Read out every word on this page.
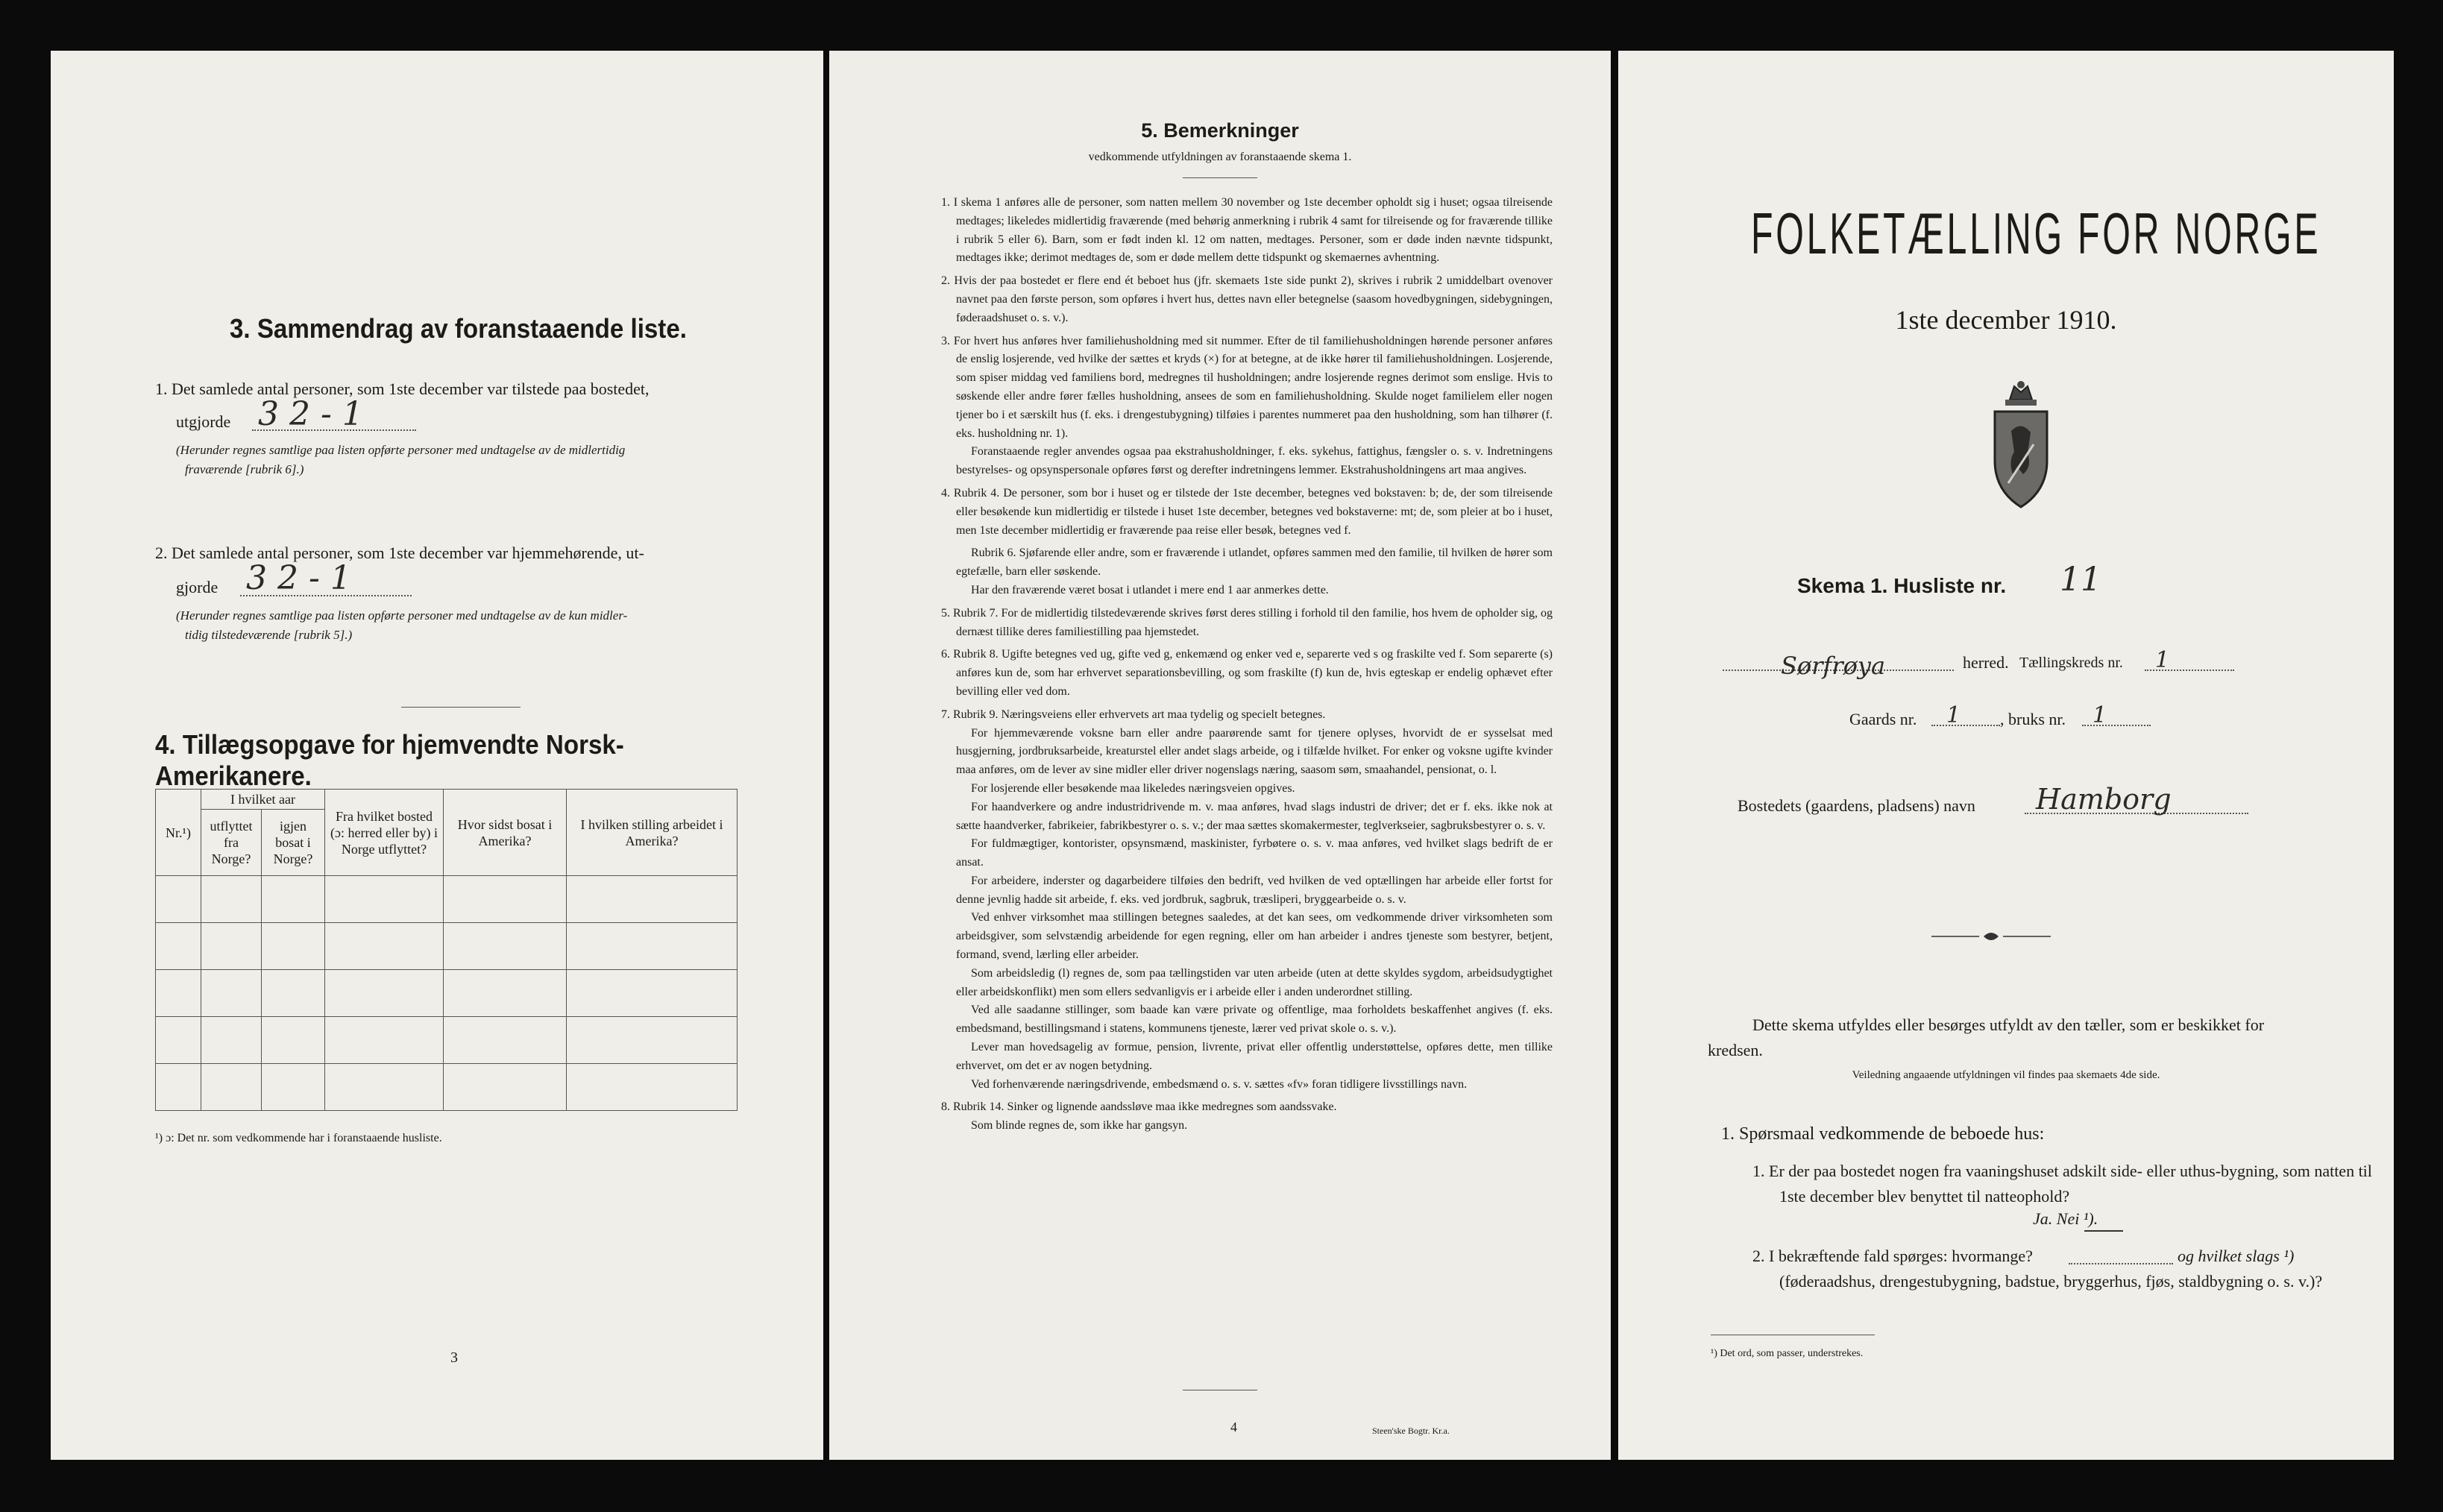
3. Sammendrag av foranstaaende liste.
1. Det samlede antal personer, som 1ste december var tilstede paa bostedet,
utgjorde 3 2 - 1
(Herunder regnes samtlige paa listen opførte personer med undtagelse av de midlertidig
fraværende [rubrik 6].)
2. Det samlede antal personer, som 1ste december var hjemmehørende, ut-
gjorde 3 2 - 1
(Herunder regnes samtlige paa listen opførte personer med undtagelse av de kun midler-
tidig tilstedeværende [rubrik 5].)
4. Tillægsopgave for hjemvendte Norsk-Amerikanere.
Nr.¹)	I hvilket aar		Fra hvilket bosted (ɔ: herred eller by) i Norge utflyttet?	Hvor sidst bosat i Amerika?	I hvilken stilling arbeidet i Amerika?
	utflyttet fra Norge?	igjen bosat i Norge?			

¹) ɔ: Det nr. som vedkommende har i foranstaaende husliste.
3
5. Bemerkninger
vedkommende utfyldningen av foranstaaende skema 1.

1. I skema 1 anføres alle de personer, som natten mellem 30 november og 1ste december opholdt sig i huset; ogsaa tilreisende medtages; likeledes midlertidig fraværende (med behørig anmerkning i rubrik 4 samt for tilreisende og for fraværende tillike i rubrik 5 eller 6). Barn, som er født inden kl. 12 om natten, medtages. Personer, som er døde inden nævnte tidspunkt, medtages ikke; derimot medtages de, som er døde mellem dette tidspunkt og skemaernes avhentning.

2. Hvis der paa bostedet er flere end ét beboet hus (jfr. skemaets 1ste side punkt 2), skrives i rubrik 2 umiddelbart ovenover navnet paa den første person, som opføres i hvert hus, dettes navn eller betegnelse (saasom hovedbygningen, sidebygningen, føderaadshuset o. s. v.).

3. For hvert hus anføres hver familiehusholdning med sit nummer. Efter de til familiehusholdningen hørende personer anføres de enslig losjerende, ved hvilke der sættes et kryds (×) for at betegne, at de ikke hører til familiehusholdningen. Losjerende, som spiser middag ved familiens bord, medregnes til husholdningen; andre losjerende regnes derimot som enslige. Hvis to søskende eller andre fører fælles husholdning, ansees de som en familiehusholdning. Skulde noget familielem eller nogen tjener bo i et særskilt hus (f. eks. i drengestubygning) tilføies i parentes nummeret paa den husholdning, som han tilhører (f. eks. husholdning nr. 1).

Foranstaaende regler anvendes ogsaa paa ekstrahusholdninger, f. eks. sykehus, fattighus, fængsler o. s. v. Indretningens bestyrelses- og opsynspersonale opføres først og derefter indretningens lemmer. Ekstrahusholdningens art maa angives.

4. Rubrik 4. De personer, som bor i huset og er tilstede der 1ste december, betegnes ved bokstaven: b; de, der som tilreisende eller besøkende kun midlertidig er tilstede i huset 1ste december, betegnes ved bokstaverne: mt; de, som pleier at bo i huset, men 1ste december midlertidig er fraværende paa reise eller besøk, betegnes ved f.

Rubrik 6. Sjøfarende eller andre, som er fraværende i utlandet, opføres sammen med den familie, til hvilken de hører som egtefælle, barn eller søskende.

Har den fraværende været bosat i utlandet i mere end 1 aar anmerkes dette.

5. Rubrik 7. For de midlertidig tilstedeværende skrives først deres stilling i forhold til den familie, hos hvem de opholder sig, og dernæst tillike deres familiestilling paa hjemstedet.

6. Rubrik 8. Ugifte betegnes ved ug, gifte ved g, enkemænd og enker ved e, separerte ved s og fraskilte ved f. Som separerte (s) anføres kun de, som har erhvervet separationsbevilling, og som fraskilte (f) kun de, hvis egteskap er endelig ophævet efter bevilling eller ved dom.

7. Rubrik 9. Næringsveiens eller erhvervets art maa tydelig og specielt betegnes.

For hjemmeværende voksne barn eller andre paarørende samt for tjenere oplyses, hvorvidt de er sysselsat med husgjerning, jordbruksarbeide, kreaturstel eller andet slags arbeide, og i tilfælde hvilket. For enker og voksne ugifte kvinder maa anføres, om de lever av sine midler eller driver nogenslags næring, saasom søm, smaahandel, pensionat, o. l.

For losjerende eller besøkende maa likeledes næringsveien opgives.

For haandverkere og andre industridrivende m. v. maa anføres, hvad slags industri de driver; det er f. eks. ikke nok at sætte haandverker, fabrikeier, fabrikbestyrer o. s. v.; der maa sættes skomakermester, teglverkseier, sagbruksbestyrer o. s. v.

For fuldmægtiger, kontorister, opsynsmænd, maskinister, fyrbøtere o. s. v. maa anføres, ved hvilket slags bedrift de er ansat.

For arbeidere, inderster og dagarbeidere tilføies den bedrift, ved hvilken de ved optællingen har arbeide eller fortst for denne jevnlig hadde sit arbeide, f. eks. ved jordbruk, sagbruk, træsliperi, bryggearbeide o. s. v.

Ved enhver virksomhet maa stillingen betegnes saaledes, at det kan sees, om vedkommende driver virksomheten som arbeidsgiver, som selvstændig arbeidende for egen regning, eller om han arbeider i andres tjeneste som bestyrer, betjent, formand, svend, lærling eller arbeider.

Som arbeidsledig (l) regnes de, som paa tællingstiden var uten arbeide (uten at dette skyldes sygdom, arbeidsudygtighet eller arbeidskonflikt) men som ellers sedvanligvis er i arbeide eller i anden underordnet stilling.

Ved alle saadanne stillinger, som baade kan være private og offentlige, maa forholdets beskaffenhet angives (f. eks. embedsmand, bestillingsmand i statens, kommunens tjeneste, lærer ved privat skole o. s. v.).

Lever man hovedsagelig av formue, pension, livrente, privat eller offentlig understøttelse, opføres dette, men tillike erhvervet, om det er av nogen betydning.

Ved forhenværende næringsdrivende, embedsmænd o. s. v. sættes «fv» foran tidligere livsstillings navn.

8. Rubrik 14. Sinker og lignende aandssløve maa ikke medregnes som aandssvake.

Som blinde regnes de, som ikke har gangsyn.

4	Steen'ske Bogtr. Kr.a.
FOLKETÆLLING FOR NORGE
1ste december 1910.
Skema 1. Husliste nr. 11
Sørfrøya	herred. Tællingskreds nr. 1
Gaards nr. 1 , bruks nr. 1
Bostedets (gaardens, pladsens) navn Hamborg
Dette skema utfyldes eller besørges utfyldt av den tæller, som er beskikket for kredsen.
Veiledning angaaende utfyldningen vil findes paa skemaets 4de side.
1. Spørsmaal vedkommende de beboede hus:
1. Er der paa bostedet nogen fra vaaningshuset adskilt side- eller uthus-bygning, som natten til 1ste december blev benyttet til natteophold?
Ja. Nei ¹).
2. I bekræftende fald spørges: hvormange?	og hvilket slags ¹)
(føderaadshus, drengestubygning, badstue, bryggerhus, fjøs, staldbygning o. s. v.)?
¹) Det ord, som passer, understrekes.
